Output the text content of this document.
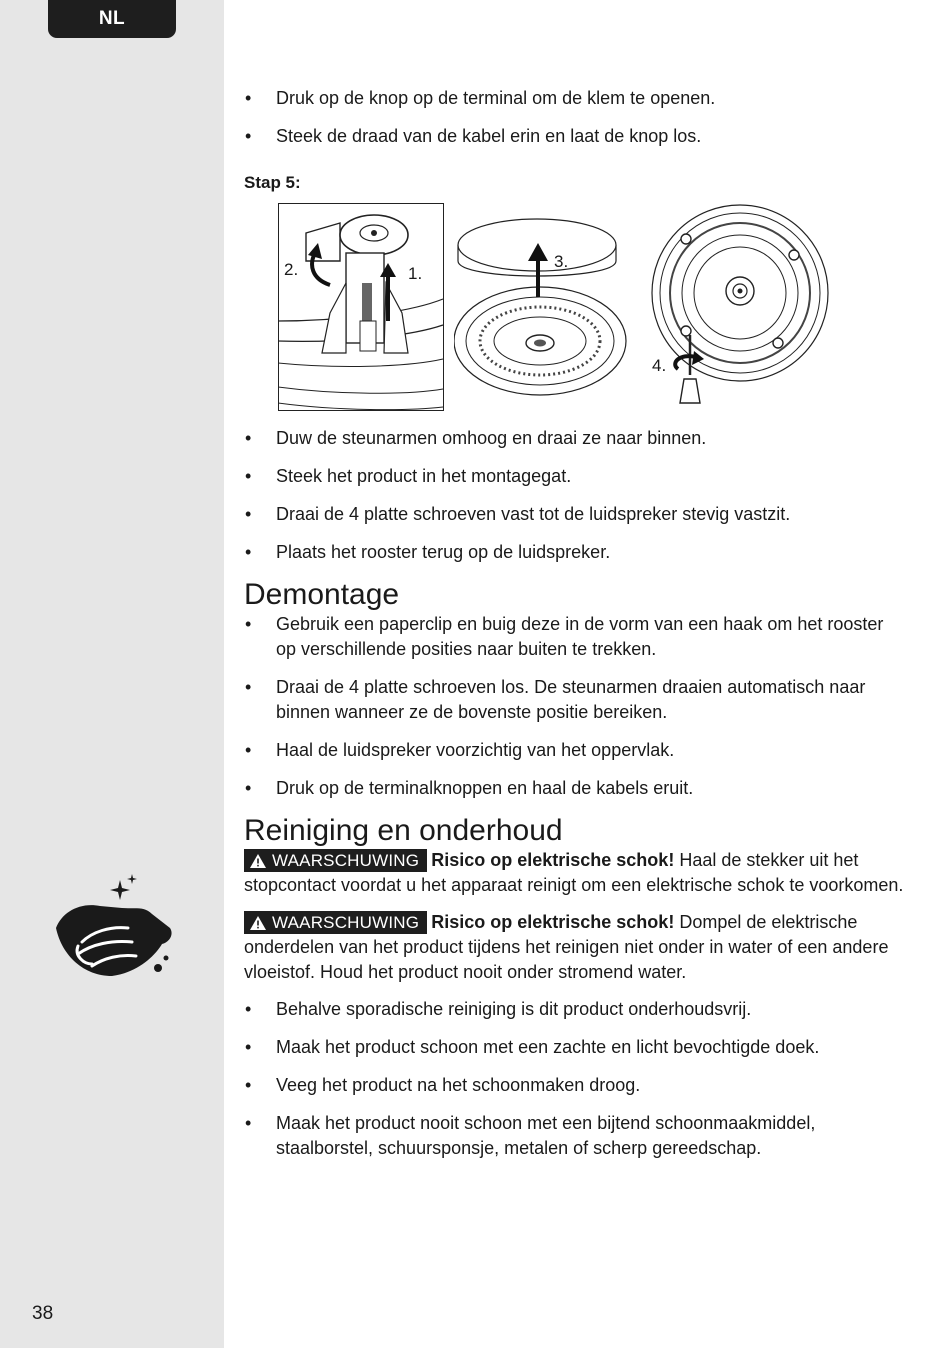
NL
38
• Druk op de knop op de terminal om de klem te openen.
• Steek de draad van de kabel erin en laat de knop los.
Stap 5:
2.	1.
3.
4.
• Duw de steunarmen omhoog en draai ze naar binnen.
• Steek het product in het montagegat.
• Draai de 4 platte schroeven vast tot de luidspreker stevig vastzit.
• Plaats het rooster terug op de luidspreker.
Demontage
• Gebruik een paperclip en buig deze in de vorm van een haak om het rooster op verschillende posities naar buiten te trekken.
• Draai de 4 platte schroeven los. De steunarmen draaien automatisch naar binnen wanneer ze de bovenste positie bereiken.
• Haal de luidspreker voorzichtig van het oppervlak.
• Druk op de terminalknoppen en haal de kabels eruit.
Reiniging en onderhoud

WAARSCHUWING Risico op elektrische schok! Haal de stekker uit het stopcontact voordat u het apparaat reinigt om een elektrische schok te voorkomen.

WAARSCHUWING Risico op elektrische schok! Dompel de elektrische onderdelen van het product tijdens het reinigen niet onder in water of een andere vloeistof. Houd het product nooit onder stromend water.

• Behalve sporadische reiniging is dit product onderhoudsvrij.
• Maak het product schoon met een zachte en licht bevochtigde doek.
• Veeg het product na het schoonmaken droog.
• Maak het product nooit schoon met een bijtend schoonmaakmiddel, staalborstel, schuursponsje, metalen of scherp gereedschap.
